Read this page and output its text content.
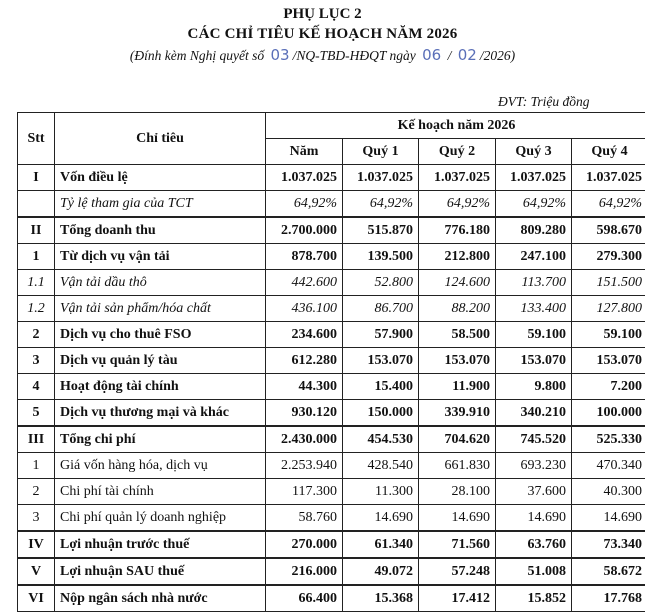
PHỤ LỤC 2

CÁC CHỈ TIÊU KẾ HOẠCH NĂM 2026

(Đính kèm Nghị quyết số 03 /NQ-TBD-HĐQT ngày 06 / 02 /2026)

ĐVT: Triệu đồng
Stt	Chỉ tiêu	Kế hoạch năm 2026				
		Năm	Quý 1	Quý 2	Quý 3	Quý 4
I	Vốn điều lệ	1.037.025	1.037.025	1.037.025	1.037.025	1.037.025
	Tỷ lệ tham gia của TCT	64,92%	64,92%	64,92%	64,92%	64,92%
II	Tổng doanh thu	2.700.000	515.870	776.180	809.280	598.670
1	Từ dịch vụ vận tải	878.700	139.500	212.800	247.100	279.300
1.1	Vận tải dầu thô	442.600	52.800	124.600	113.700	151.500
1.2	Vận tải sản phẩm/hóa chất	436.100	86.700	88.200	133.400	127.800
2	Dịch vụ cho thuê FSO	234.600	57.900	58.500	59.100	59.100
3	Dịch vụ quản lý tàu	612.280	153.070	153.070	153.070	153.070
4	Hoạt động tài chính	44.300	15.400	11.900	9.800	7.200
5	Dịch vụ thương mại và khác	930.120	150.000	339.910	340.210	100.000
III	Tổng chi phí	2.430.000	454.530	704.620	745.520	525.330
1	Giá vốn hàng hóa, dịch vụ	2.253.940	428.540	661.830	693.230	470.340
2	Chi phí tài chính	117.300	11.300	28.100	37.600	40.300
3	Chi phí quản lý doanh nghiệp	58.760	14.690	14.690	14.690	14.690
IV	Lợi nhuận trước thuế	270.000	61.340	71.560	63.760	73.340
V	Lợi nhuận SAU thuế	216.000	49.072	57.248	51.008	58.672
VI	Nộp ngân sách nhà nước	66.400	15.368	17.412	15.852	17.768
